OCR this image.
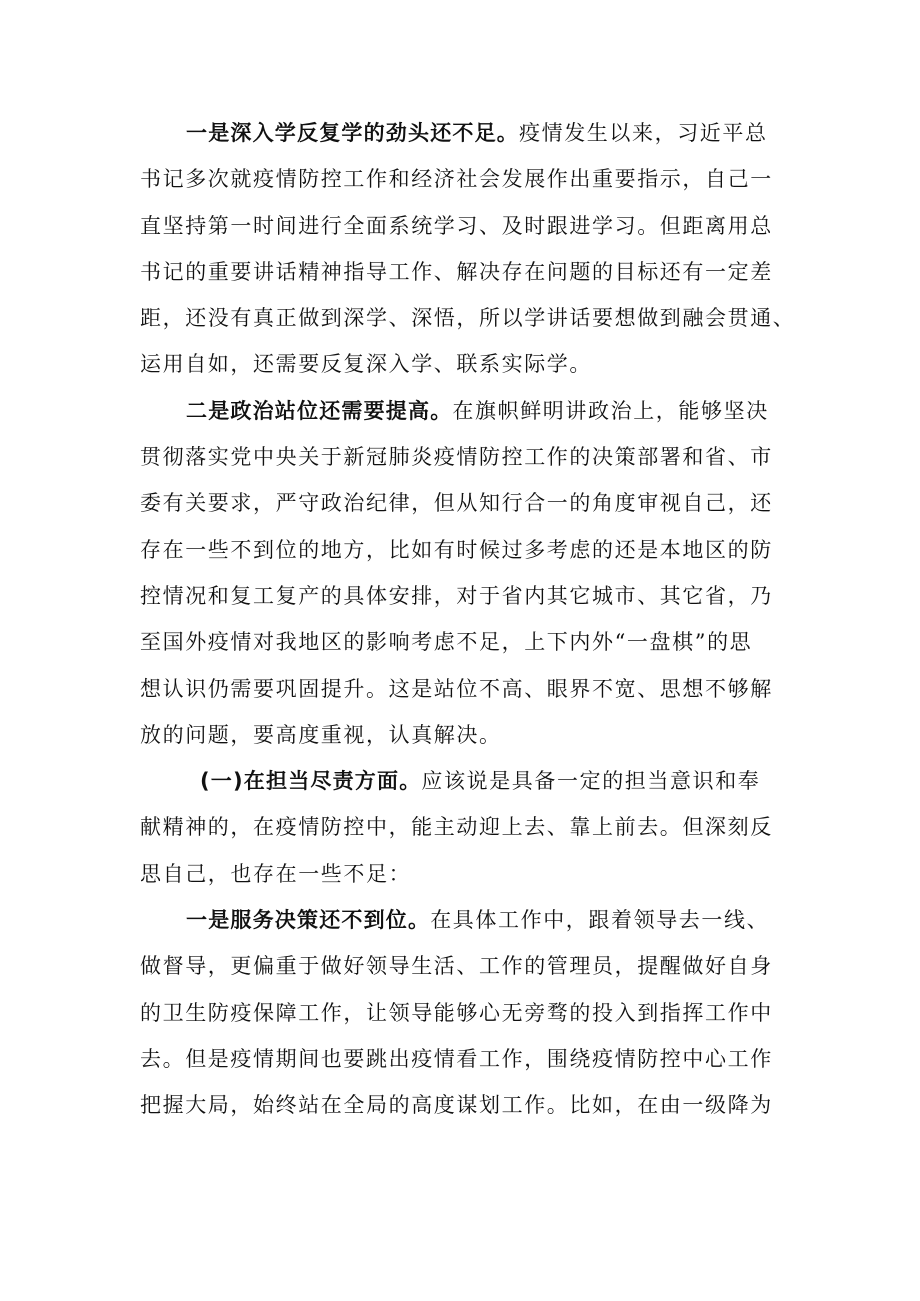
一是深入学反复学的劲头还不足。疫情发生以来，习近平总
书记多次就疫情防控工作和经济社会发展作出重要指示，自己一
直坚持第一时间进行全面系统学习、及时跟进学习。但距离用总
书记的重要讲话精神指导工作、解决存在问题的目标还有一定差
距，还没有真正做到深学、深悟，所以学讲话要想做到融会贯通、
运用自如，还需要反复深入学、联系实际学。
二是政治站位还需要提高。在旗帜鲜明讲政治上，能够坚决
贯彻落实党中央关于新冠肺炎疫情防控工作的决策部署和省、市
委有关要求，严守政治纪律，但从知行合一的角度审视自己，还
存在一些不到位的地方，比如有时候过多考虑的还是本地区的防
控情况和复工复产的具体安排，对于省内其它城市、其它省，乃
至国外疫情对我地区的影响考虑不足，上下内外“一盘棋”的思
想认识仍需要巩固提升。这是站位不高、眼界不宽、思想不够解
放的问题，要高度重视，认真解决。
(一)在担当尽责方面。应该说是具备一定的担当意识和奉
献精神的，在疫情防控中，能主动迎上去、靠上前去。但深刻反
思自己，也存在一些不足：
一是服务决策还不到位。在具体工作中，跟着领导去一线、
做督导，更偏重于做好领导生活、工作的管理员，提醒做好自身
的卫生防疫保障工作，让领导能够心无旁骛的投入到指挥工作中
去。但是疫情期间也要跳出疫情看工作，围绕疫情防控中心工作
把握大局，始终站在全局的高度谋划工作。比如，在由一级降为
